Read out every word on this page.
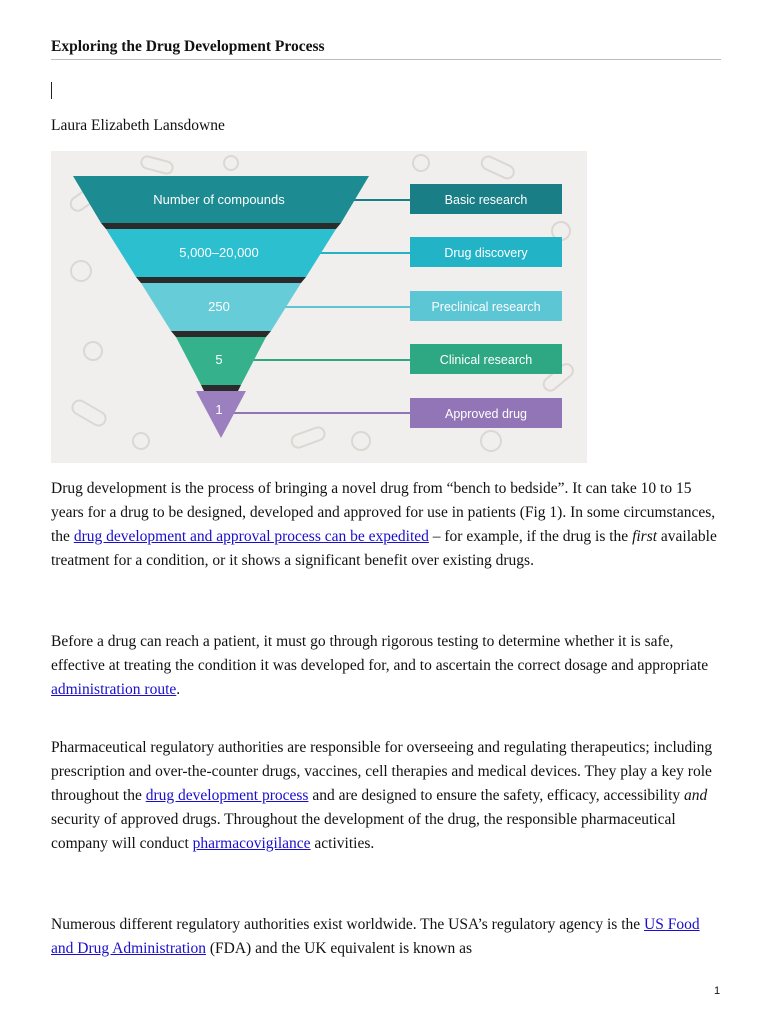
Exploring the Drug Development Process
Laura Elizabeth Lansdowne
Number of compounds
5,000–20,000
250
5
1
Basic research
Drug discovery
Preclinical research
Clinical research
Approved drug

Drug development is the process of bringing a novel drug from “bench to bedside”. It can take 10 to 15 years for a drug to be designed, developed and approved for use in patients (Fig 1). In some circumstances, the drug development and approval process can be expedited – for example, if the drug is the first available treatment for a condition, or it shows a significant benefit over existing drugs.

Before a drug can reach a patient, it must go through rigorous testing to determine whether it is safe, effective at treating the condition it was developed for, and to ascertain the correct dosage and appropriate administration route.

Pharmaceutical regulatory authorities are responsible for overseeing and regulating therapeutics; including prescription and over-the-counter drugs, vaccines, cell therapies and medical devices. They play a key role throughout the drug development process and are designed to ensure the safety, efficacy, accessibility and security of approved drugs. Throughout the development of the drug, the responsible pharmaceutical company will conduct pharmacovigilance activities.

Numerous different regulatory authorities exist worldwide. The USA’s regulatory agency is the US Food and Drug Administration (FDA) and the UK equivalent is known as

1
